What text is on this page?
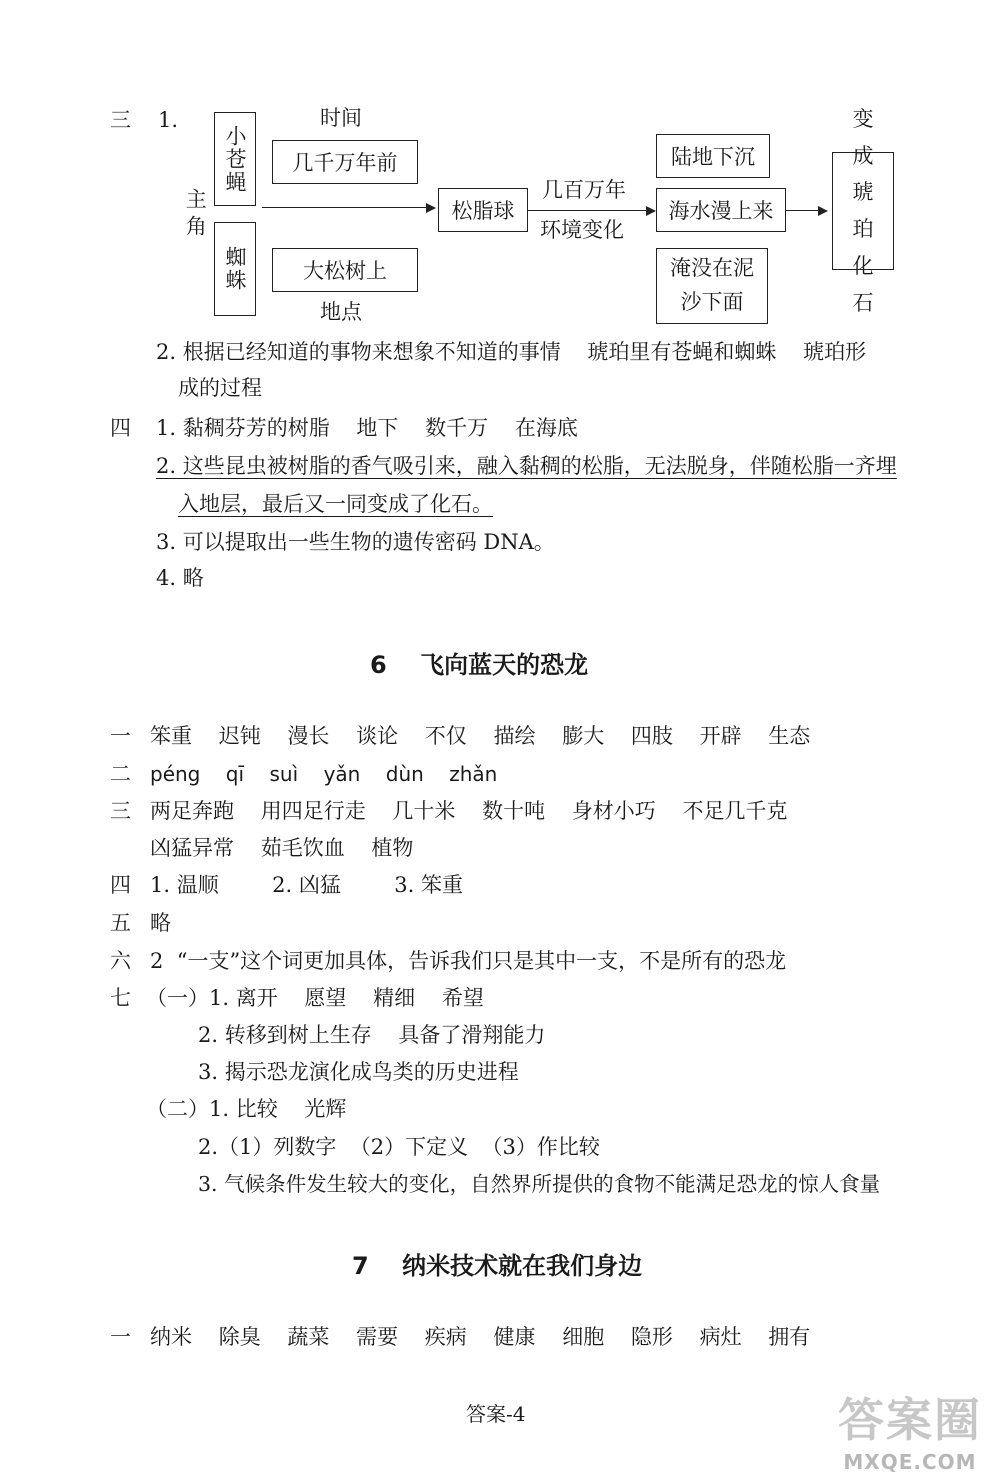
三 1.
小苍蝇
蜘蛛
主角
时间
几千万年前
大松树上
地点
松脂球
几百万年
环境变化
陆地下沉
海水漫上来
淹没在泥沙下面
变成琥珀化石
2. 根据已经知道的事物来想象不知道的事情    琥珀里有苍蝇和蜘蛛    琥珀形
成的过程
四 1. 黏稠芬芳的树脂    地下    数千万    在海底
2. 这些昆虫被树脂的香气吸引来，融入黏稠的松脂，无法脱身，伴随松脂一齐埋
入地层，最后又一同变成了化石。
3. 可以提取出一些生物的遗传密码 DNA。
4. 略
6    飞向蓝天的恐龙
一 笨重    迟钝    漫长    谈论    不仅    描绘    膨大    四肢    开辟    生态
二 péng    qī    suì    yǎn    dùn    zhǎn
三 两足奔跑    用四足行走    几十米    数十吨    身材小巧    不足几千克
凶猛异常    茹毛饮血    植物
四 1. 温顺        2. 凶猛        3. 笨重
五 略
六 2  “一支”这个词更加具体，告诉我们只是其中一支，不是所有的恐龙
七 （一）1. 离开    愿望    精细    希望
2. 转移到树上生存    具备了滑翔能力
3. 揭示恐龙演化成鸟类的历史进程
（二）1. 比较    光辉
2.（1）列数字  （2）下定义  （3）作比较
3. 气候条件发生较大的变化，自然界所提供的食物不能满足恐龙的惊人食量
7    纳米技术就在我们身边
一 纳米    除臭    蔬菜    需要    疾病    健康    细胞    隐形    病灶    拥有
答案-4	答案圈
MXQE.COM
